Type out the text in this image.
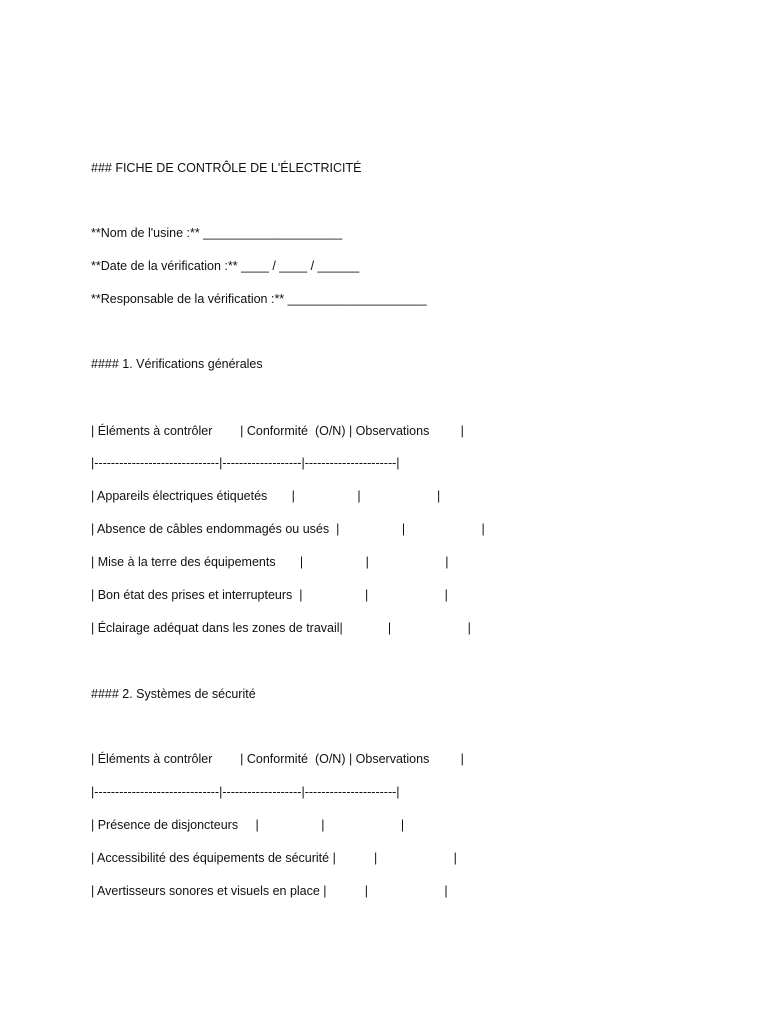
### FICHE DE CONTRÔLE DE L'ÉLECTRICITÉ
**Nom de l'usine :** ____________________
**Date de la vérification :** ____ / ____ / ______
**Responsable de la vérification :** ____________________
#### 1. Vérifications générales
| Éléments à contrôler        | Conformité  (O/N) | Observations         |
|------------------------------|-------------------|----------------------|
| Appareils électriques étiquetés       |                  |                      |
| Absence de câbles endommagés ou usés  |                  |                      |
| Mise à la terre des équipements       |                  |                      |
| Bon état des prises et interrupteurs  |                  |                      |
| Éclairage adéquat dans les zones de travail|             |                      |
#### 2. Systèmes de sécurité
| Éléments à contrôler        | Conformité  (O/N) | Observations         |
|------------------------------|-------------------|----------------------|
| Présence de disjoncteurs     |                  |                      |
| Accessibilité des équipements de sécurité |           |                      |
| Avertisseurs sonores et visuels en place |           |                      |
